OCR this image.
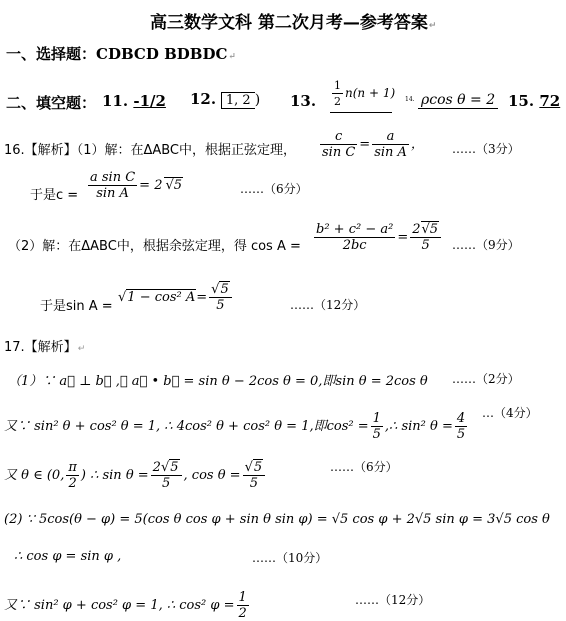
高三数学文科 第二次月考—参考答案↵
一、选择题：CDBCD BDBDC↵
二、填空题： 11. -1/2 12. 1, 2 ) 13. $\frac{1}{2} n(n + 1)$ 14. ρcos θ = 2 15. 72
16.【解析】（1）解：在ΔABC中，根据正弦定理， $\frac{c}{\text{sin C}} = \frac{a}{\text{sin A}}$ ， ……（3分）
于是$c = \frac{\text{a sin C}}{\text{sin A}} = 2$ √5	……（6分）
（2）解：在ΔABC中，根据余弦定理，得 $\cos A = \frac{\text{b² + c² − a²}}{2bc} = \frac{2√5}{5}$ ……（9分）
于是sin A =
√1 − cos² $A= \frac{√5}{5}$	……（12分）
17.【解析】↵
（1）∵ a⃗ ⊥ b⃗ ,∴ a⃗ • b⃗ = sin θ − 2cos θ = 0,即sin θ = 2cos θ ……（2分）
又∵ sin² θ + cos² θ = 1, ∴ 4cos² θ + cos² θ = 1,即$\cos^2 = \frac{1}{5}$ ,∴ sin² $\theta = \frac{4}{5}$ …（4分）
又 θ ∈ (0, $\frac{\pi}{2}$ ) ∴ $\sin \theta = \frac{2√5}{5}$ , $\cos \theta = \frac{√5}{5}$	……（6分）
(2) ∵ 5cos(θ − φ) = 5(cos θ cos φ + sin θ sin φ) = √5 cos φ + 2√5 sin φ = 3√5 cos θ
∴ cos φ = sin φ ,	……（10分）
又∵ sin² φ + cos² φ = 1, ∴ cos² $\varphi = \frac{1}{2}$	……（12分）
